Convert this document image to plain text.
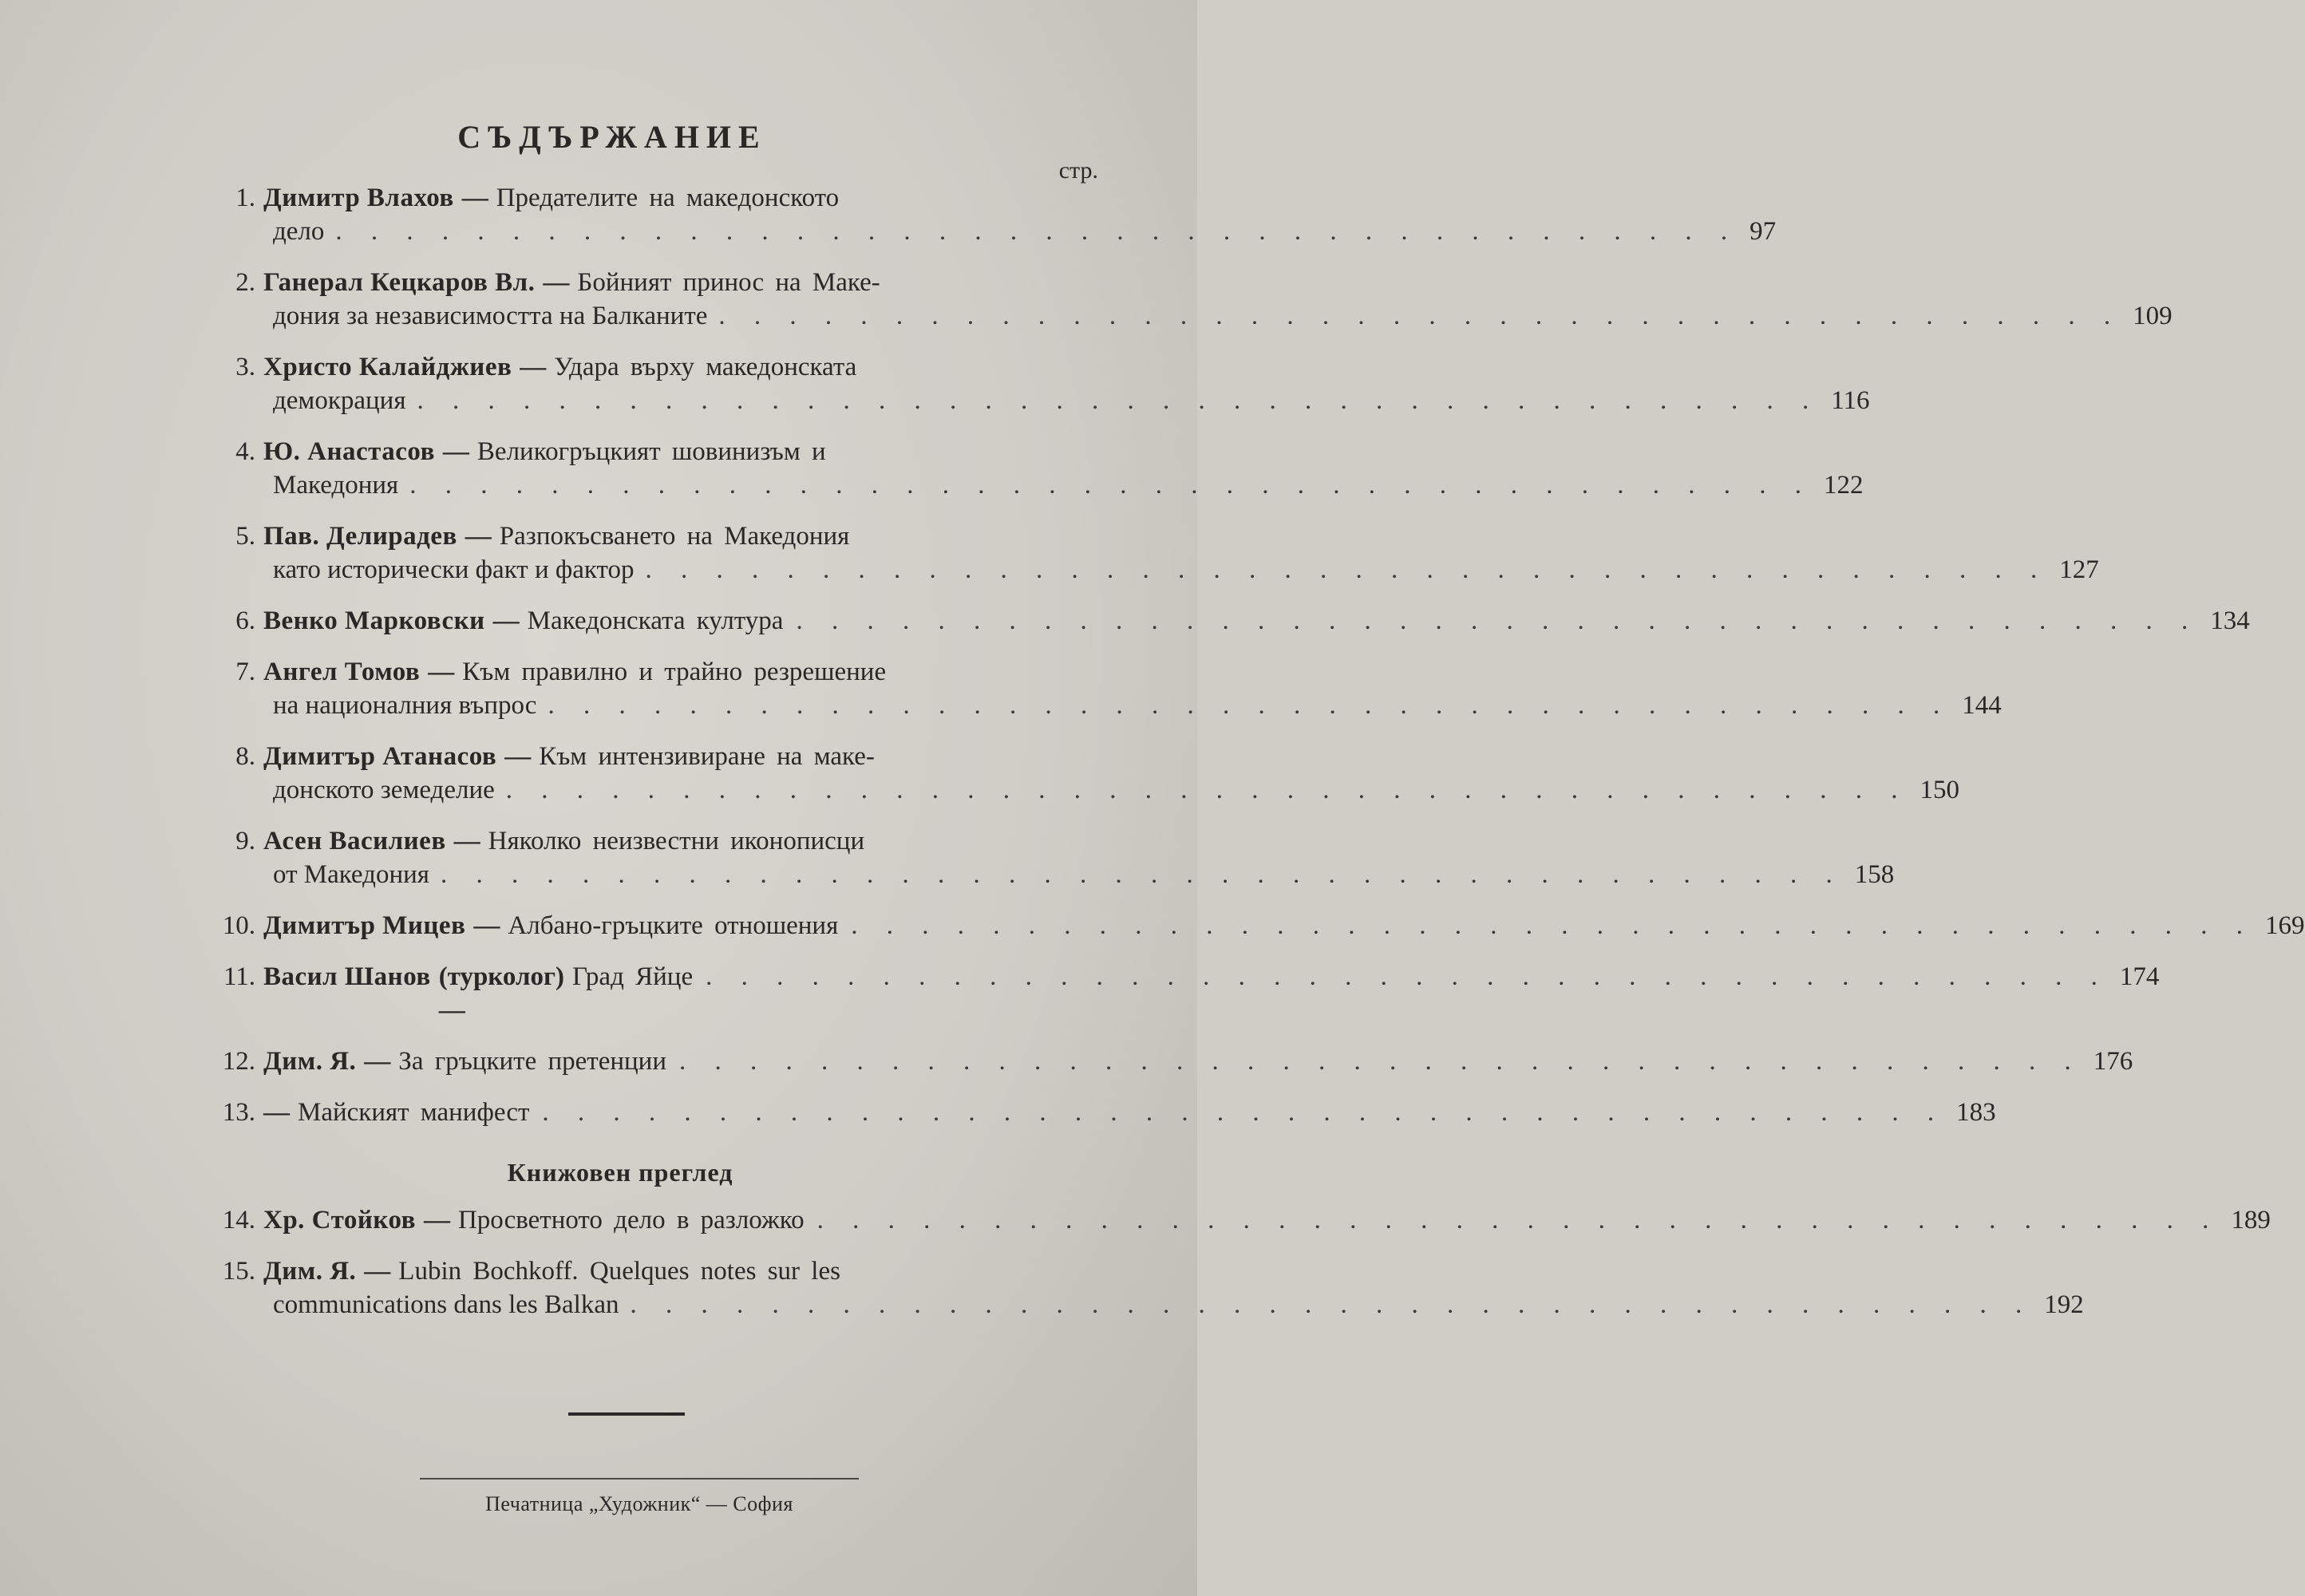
СЪДЪРЖАНИЕ
стр.
1. Димитр Влахов — Предателите на македонското
дело . . . . . . . . . . . . . . . . . . . . . . . . . . . . . . . . . . . . . . . . 97
2. Ганерал Кецкаров Вл. — Бойният принос на Маке-
дония за независимостта на Балканите . . . . . . . . . . . . . . . . . . . . . . . . . . . . . . . . . . . . . . . . 109
3. Христо Калайджиев — Удара върху македонската
демокрация . . . . . . . . . . . . . . . . . . . . . . . . . . . . . . . . . . . . . . . . 116
4. Ю. Анастасов — Великогръцкият шовинизъм и
Македония . . . . . . . . . . . . . . . . . . . . . . . . . . . . . . . . . . . . . . . . 122
5. Пав. Делирадев — Разпокъсването на Македония
като исторически факт и фактор . . . . . . . . . . . . . . . . . . . . . . . . . . . . . . . . . . . . . . . . 127
6. Венко Марковски — Македонската култура . . . . . . . . . . . . . . . . . . . . . . . . . . . . . . . . . . . . . . . . 134
7. Ангел Томов — Към правилно и трайно резрешение
на националния въпрос . . . . . . . . . . . . . . . . . . . . . . . . . . . . . . . . . . . . . . . . 144
8. Димитър Атанасов — Към интензивиране на маке-
донското земеделие . . . . . . . . . . . . . . . . . . . . . . . . . . . . . . . . . . . . . . . . 150
9. Асен Василиев — Няколко неизвестни иконописци
от Македония . . . . . . . . . . . . . . . . . . . . . . . . . . . . . . . . . . . . . . . . 158
10. Димитър Мицев — Албано-гръцките отношения . . . . . . . . . . . . . . . . . . . . . . . . . . . . . . . . . . . . . . . . 169
11. Васил Шанов (турколог) —
Град Яйце . . . . . . . . . . . . . . . . . . . . . . . . . . . . . . . . . . . . . . . . 174
12. Дим. Я. — За гръцките претенции . . . . . . . . . . . . . . . . . . . . . . . . . . . . . . . . . . . . . . . . 176
13. — Майският манифест . . . . . . . . . . . . . . . . . . . . . . . . . . . . . . . . . . . . . . . . 183
Книжовен преглед
14. Хр. Стойков — Просветното дело в разложко . . . . . . . . . . . . . . . . . . . . . . . . . . . . . . . . . . . . . . . . 189
15. Дим. Я. — Lubin Bochkoff. Quelques notes sur les
communications dans les Balkan . . . . . . . . . . . . . . . . . . . . . . . . . . . . . . . . . . . . . . . . 192
Печатница „Художник“ — София
